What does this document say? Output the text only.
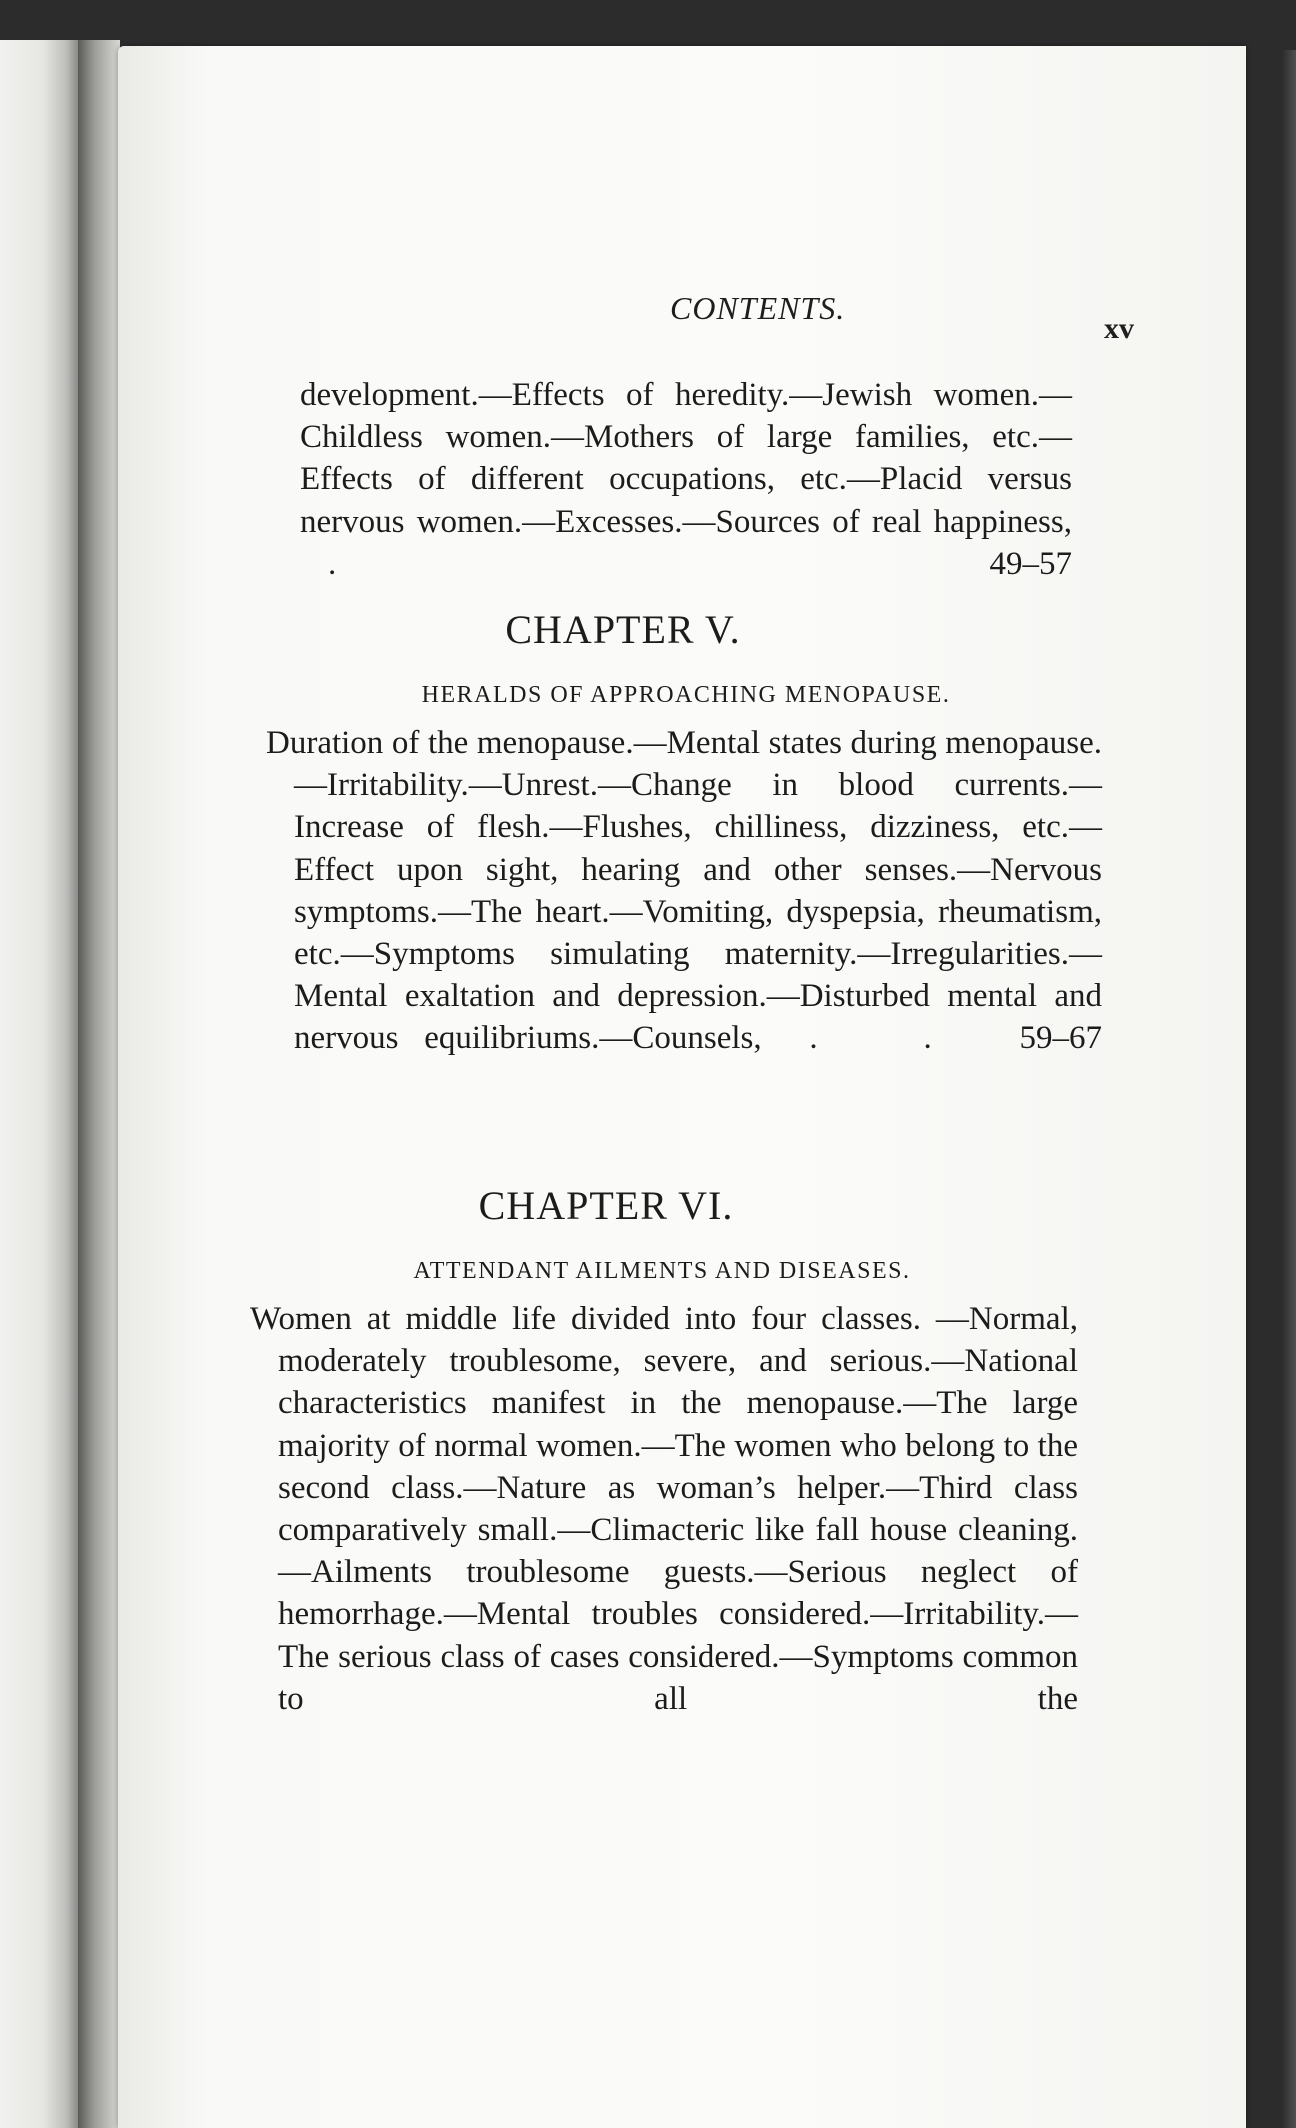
CONTENTS.
xv
development.—Effects of heredity.—Jewish women.—Childless women.—Mothers of large families, etc.—Effects of different occupations, etc.—Placid versus nervous women.—Excesses.—Sources of real happiness, .	49–57
CHAPTER V.
HERALDS OF APPROACHING MENOPAUSE.
Duration of the menopause.—Mental states during menopause.—Irritability.—Unrest.—Change in blood currents.—Increase of flesh.—Flushes, chilliness, dizziness, etc.—Effect upon sight, hearing and other senses.—Nervous symptoms.—The heart.—Vomiting, dyspepsia, rheumatism, etc.—Symptoms simulating maternity.—Irregularities.—Mental exaltation and depression.—Disturbed mental and nervous equilibriums.—Counsels, . . 59–67
CHAPTER VI.
ATTENDANT AILMENTS AND DISEASES.
Women at middle life divided into four classes. —Normal, moderately troublesome, severe, and serious.—National characteristics manifest in the menopause.—The large majority of normal women.—The women who belong to the second class.—Nature as woman’s helper.—Third class comparatively small.—Climacteric like fall house cleaning.—Ailments troublesome guests.—Serious neglect of hemorrhage.—Mental troubles considered.—Irritability.—The serious class of cases considered.—Symptoms common to all the
